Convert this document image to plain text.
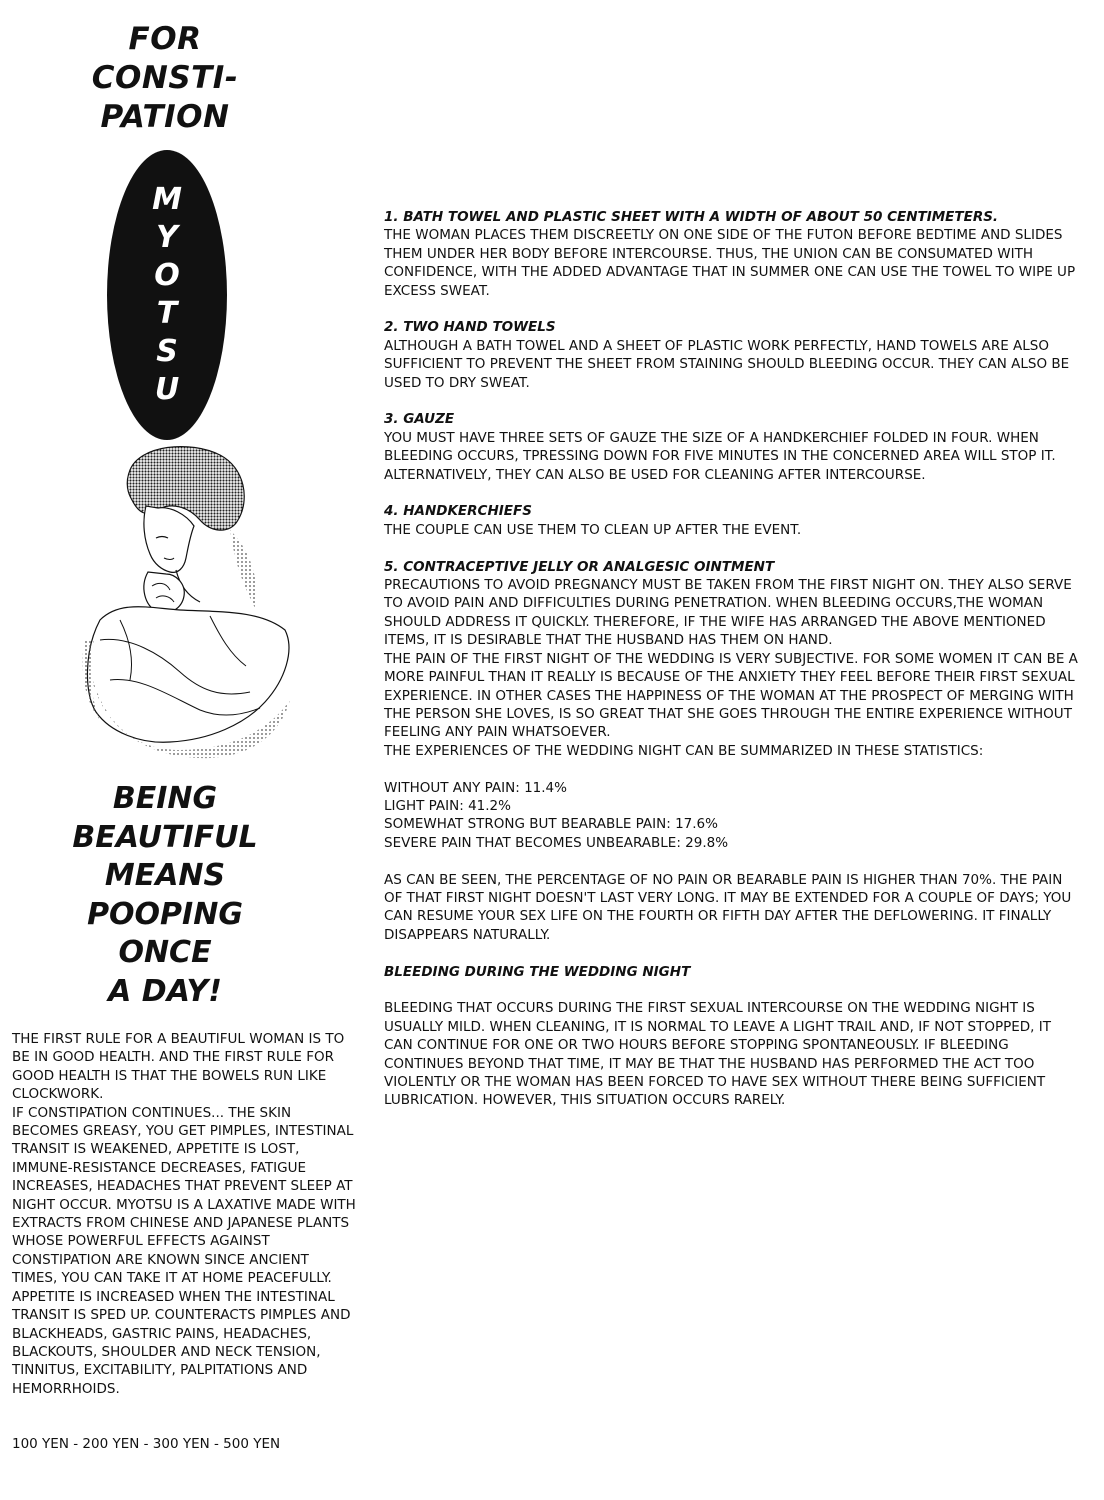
FOR
CONSTI-
PATION
M
Y
O
T
S
U
BEING
BEAUTIFUL
MEANS
POOPING
ONCE
A DAY!

THE FIRST RULE FOR A BEAUTIFUL WOMAN IS TO BE IN GOOD HEALTH. AND THE FIRST RULE FOR GOOD HEALTH IS THAT THE BOWELS RUN LIKE CLOCKWORK.

IF CONSTIPATION CONTINUES... THE SKIN BECOMES GREASY, YOU GET PIMPLES, INTESTINAL TRANSIT IS WEAKENED, APPETITE IS LOST, IMMUNE-RESISTANCE DECREASES, FATIGUE INCREASES, HEADACHES THAT PREVENT SLEEP AT NIGHT OCCUR. MYOTSU IS A LAXATIVE MADE WITH EXTRACTS FROM CHINESE AND JAPANESE PLANTS WHOSE POWERFUL EFFECTS AGAINST CONSTIPATION ARE KNOWN SINCE ANCIENT TIMES, YOU CAN TAKE IT AT HOME PEACEFULLY. APPETITE IS INCREASED WHEN THE INTESTINAL TRANSIT IS SPED UP. COUNTERACTS PIMPLES AND BLACKHEADS, GASTRIC PAINS, HEADACHES, BLACKOUTS, SHOULDER AND NECK TENSION, TINNITUS, EXCITABILITY, PALPITATIONS AND HEMORRHOIDS.

100 YEN - 200 YEN - 300 YEN - 500 YEN

1. BATH TOWEL AND PLASTIC SHEET WITH A WIDTH OF ABOUT 50 CENTIMETERS.

THE WOMAN PLACES THEM DISCREETLY ON ONE SIDE OF THE FUTON BEFORE BEDTIME AND SLIDES THEM UNDER HER BODY BEFORE INTERCOURSE. THUS, THE UNION CAN BE CONSUMATED WITH CONFIDENCE, WITH THE ADDED ADVANTAGE THAT IN SUMMER ONE CAN USE THE TOWEL TO WIPE UP EXCESS SWEAT.

2. TWO HAND TOWELS

ALTHOUGH A BATH TOWEL AND A SHEET OF PLASTIC WORK PERFECTLY, HAND TOWELS ARE ALSO SUFFICIENT TO PREVENT THE SHEET FROM STAINING SHOULD BLEEDING OCCUR. THEY CAN ALSO BE USED TO DRY SWEAT.

3. GAUZE

YOU MUST HAVE THREE SETS OF GAUZE THE SIZE OF A HANDKERCHIEF FOLDED IN FOUR. WHEN BLEEDING OCCURS, TPRESSING DOWN FOR FIVE MINUTES IN THE CONCERNED AREA WILL STOP IT. ALTERNATIVELY, THEY CAN ALSO BE USED FOR CLEANING AFTER INTERCOURSE.

4. HANDKERCHIEFS

THE COUPLE CAN USE THEM TO CLEAN UP AFTER THE EVENT.

5. CONTRACEPTIVE JELLY OR ANALGESIC OINTMENT

PRECAUTIONS TO AVOID PREGNANCY MUST BE TAKEN FROM THE FIRST NIGHT ON. THEY ALSO SERVE TO AVOID PAIN AND DIFFICULTIES DURING PENETRATION. WHEN BLEEDING OCCURS,THE WOMAN SHOULD ADDRESS IT QUICKLY. THEREFORE, IF THE WIFE HAS ARRANGED THE ABOVE MENTIONED ITEMS, IT IS DESIRABLE THAT THE HUSBAND HAS THEM ON HAND.

THE PAIN OF THE FIRST NIGHT OF THE WEDDING IS VERY SUBJECTIVE. FOR SOME WOMEN IT CAN BE A MORE PAINFUL THAN IT REALLY IS BECAUSE OF THE ANXIETY THEY FEEL BEFORE THEIR FIRST SEXUAL EXPERIENCE. IN OTHER CASES THE HAPPINESS OF THE WOMAN AT THE PROSPECT OF MERGING WITH THE PERSON SHE LOVES, IS SO GREAT THAT SHE GOES THROUGH THE ENTIRE EXPERIENCE WITHOUT FEELING ANY PAIN WHATSOEVER.

THE EXPERIENCES OF THE WEDDING NIGHT CAN BE SUMMARIZED IN THESE STATISTICS:

WITHOUT ANY PAIN: 11.4%

LIGHT PAIN: 41.2%

SOMEWHAT STRONG BUT BEARABLE PAIN: 17.6%

SEVERE PAIN THAT BECOMES UNBEARABLE: 29.8%

AS CAN BE SEEN, THE PERCENTAGE OF NO PAIN OR BEARABLE PAIN IS HIGHER THAN 70%. THE PAIN OF THAT FIRST NIGHT DOESN'T LAST VERY LONG. IT MAY BE EXTENDED FOR A COUPLE OF DAYS; YOU CAN RESUME YOUR SEX LIFE ON THE FOURTH OR FIFTH DAY AFTER THE DEFLOWERING. IT FINALLY DISAPPEARS NATURALLY.

BLEEDING DURING THE WEDDING NIGHT

BLEEDING THAT OCCURS DURING THE FIRST SEXUAL INTERCOURSE ON THE WEDDING NIGHT IS USUALLY MILD. WHEN CLEANING, IT IS NORMAL TO LEAVE A LIGHT TRAIL AND, IF NOT STOPPED, IT CAN CONTINUE FOR ONE OR TWO HOURS BEFORE STOPPING SPONTANEOUSLY. IF BLEEDING CONTINUES BEYOND THAT TIME, IT MAY BE THAT THE HUSBAND HAS PERFORMED THE ACT TOO VIOLENTLY OR THE WOMAN HAS BEEN FORCED TO HAVE SEX WITHOUT THERE BEING SUFFICIENT LUBRICATION. HOWEVER, THIS SITUATION OCCURS RARELY.
